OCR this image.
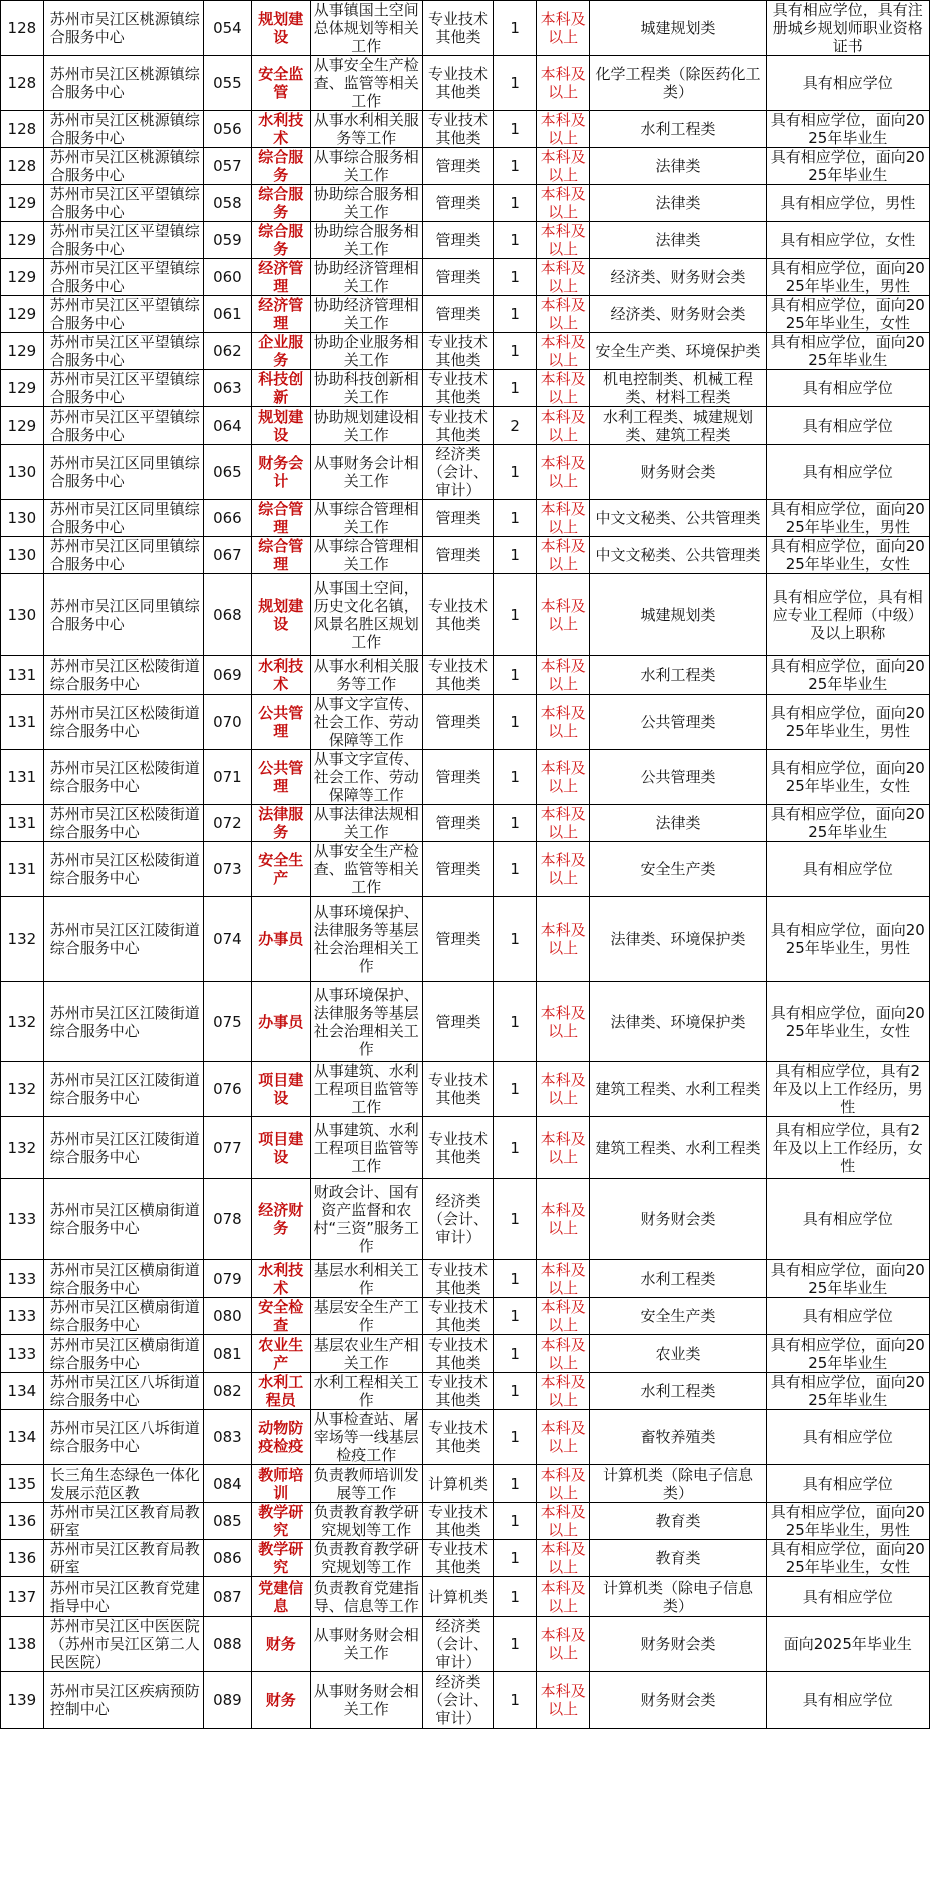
128	苏州市吴江区桃源镇综合服务中心	054	规划建设	从事镇国土空间总体规划等相关工作	专业技术其他类	1	本科及以上	城建规划类	具有相应学位，具有注册城乡规划师职业资格证书
128	苏州市吴江区桃源镇综合服务中心	055	安全监管	从事安全生产检查、监管等相关工作	专业技术其他类	1	本科及以上	化学工程类（除医药化工类）	具有相应学位
128	苏州市吴江区桃源镇综合服务中心	056	水利技术	从事水利相关服务等工作	专业技术其他类	1	本科及以上	水利工程类	具有相应学位，面向2025年毕业生
128	苏州市吴江区桃源镇综合服务中心	057	综合服务	从事综合服务相关工作	管理类	1	本科及以上	法律类	具有相应学位，面向2025年毕业生
129	苏州市吴江区平望镇综合服务中心	058	综合服务	协助综合服务相关工作	管理类	1	本科及以上	法律类	具有相应学位，男性
129	苏州市吴江区平望镇综合服务中心	059	综合服务	协助综合服务相关工作	管理类	1	本科及以上	法律类	具有相应学位，女性
129	苏州市吴江区平望镇综合服务中心	060	经济管理	协助经济管理相关工作	管理类	1	本科及以上	经济类、财务财会类	具有相应学位，面向2025年毕业生，男性
129	苏州市吴江区平望镇综合服务中心	061	经济管理	协助经济管理相关工作	管理类	1	本科及以上	经济类、财务财会类	具有相应学位，面向2025年毕业生，女性
129	苏州市吴江区平望镇综合服务中心	062	企业服务	协助企业服务相关工作	专业技术其他类	1	本科及以上	安全生产类、环境保护类	具有相应学位，面向2025年毕业生
129	苏州市吴江区平望镇综合服务中心	063	科技创新	协助科技创新相关工作	专业技术其他类	1	本科及以上	机电控制类、机械工程类、材料工程类	具有相应学位
129	苏州市吴江区平望镇综合服务中心	064	规划建设	协助规划建设相关工作	专业技术其他类	2	本科及以上	水利工程类、城建规划类、建筑工程类	具有相应学位
130	苏州市吴江区同里镇综合服务中心	065	财务会计	从事财务会计相关工作	经济类（会计、审计）	1	本科及以上	财务财会类	具有相应学位
130	苏州市吴江区同里镇综合服务中心	066	综合管理	从事综合管理相关工作	管理类	1	本科及以上	中文文秘类、公共管理类	具有相应学位，面向2025年毕业生，男性
130	苏州市吴江区同里镇综合服务中心	067	综合管理	从事综合管理相关工作	管理类	1	本科及以上	中文文秘类、公共管理类	具有相应学位，面向2025年毕业生，女性
130	苏州市吴江区同里镇综合服务中心	068	规划建设	从事国土空间，历史文化名镇，风景名胜区规划工作	专业技术其他类	1	本科及以上	城建规划类	具有相应学位，具有相应专业工程师（中级）及以上职称
131	苏州市吴江区松陵街道综合服务中心	069	水利技术	从事水利相关服务等工作	专业技术其他类	1	本科及以上	水利工程类	具有相应学位，面向2025年毕业生
131	苏州市吴江区松陵街道综合服务中心	070	公共管理	从事文字宣传、社会工作、劳动保障等工作	管理类	1	本科及以上	公共管理类	具有相应学位，面向2025年毕业生，男性
131	苏州市吴江区松陵街道综合服务中心	071	公共管理	从事文字宣传、社会工作、劳动保障等工作	管理类	1	本科及以上	公共管理类	具有相应学位，面向2025年毕业生，女性
131	苏州市吴江区松陵街道综合服务中心	072	法律服务	从事法律法规相关工作	管理类	1	本科及以上	法律类	具有相应学位，面向2025年毕业生
131	苏州市吴江区松陵街道综合服务中心	073	安全生产	从事安全生产检查、监管等相关工作	管理类	1	本科及以上	安全生产类	具有相应学位
132	苏州市吴江区江陵街道综合服务中心	074	办事员	从事环境保护、法律服务等基层社会治理相关工作	管理类	1	本科及以上	法律类、环境保护类	具有相应学位，面向2025年毕业生，男性
132	苏州市吴江区江陵街道综合服务中心	075	办事员	从事环境保护、法律服务等基层社会治理相关工作	管理类	1	本科及以上	法律类、环境保护类	具有相应学位，面向2025年毕业生，女性
132	苏州市吴江区江陵街道综合服务中心	076	项目建设	从事建筑、水利工程项目监管等工作	专业技术其他类	1	本科及以上	建筑工程类、水利工程类	具有相应学位，具有2年及以上工作经历，男性
132	苏州市吴江区江陵街道综合服务中心	077	项目建设	从事建筑、水利工程项目监管等工作	专业技术其他类	1	本科及以上	建筑工程类、水利工程类	具有相应学位，具有2年及以上工作经历，女性
133	苏州市吴江区横扇街道综合服务中心	078	经济财务	财政会计、国有资产监督和农村“三资”服务工作	经济类（会计、审计）	1	本科及以上	财务财会类	具有相应学位
133	苏州市吴江区横扇街道综合服务中心	079	水利技术	基层水利相关工作	专业技术其他类	1	本科及以上	水利工程类	具有相应学位，面向2025年毕业生
133	苏州市吴江区横扇街道综合服务中心	080	安全检查	基层安全生产工作	专业技术其他类	1	本科及以上	安全生产类	具有相应学位
133	苏州市吴江区横扇街道综合服务中心	081	农业生产	基层农业生产相关工作	专业技术其他类	1	本科及以上	农业类	具有相应学位，面向2025年毕业生
134	苏州市吴江区八坼街道综合服务中心	082	水利工程员	水利工程相关工作	专业技术其他类	1	本科及以上	水利工程类	具有相应学位，面向2025年毕业生
134	苏州市吴江区八坼街道综合服务中心	083	动物防疫检疫	从事检查站、屠宰场等一线基层检疫工作	专业技术其他类	1	本科及以上	畜牧养殖类	具有相应学位
135	长三角生态绿色一体化发展示范区教	084	教师培训	负责教师培训发展等工作	计算机类	1	本科及以上	计算机类（除电子信息类）	具有相应学位
136	苏州市吴江区教育局教研室	085	教学研究	负责教育教学研究规划等工作	专业技术其他类	1	本科及以上	教育类	具有相应学位，面向2025年毕业生，男性
136	苏州市吴江区教育局教研室	086	教学研究	负责教育教学研究规划等工作	专业技术其他类	1	本科及以上	教育类	具有相应学位，面向2025年毕业生，女性
137	苏州市吴江区教育党建指导中心	087	党建信息	负责教育党建指导、信息等工作	计算机类	1	本科及以上	计算机类（除电子信息类）	具有相应学位
138	苏州市吴江区中医医院（苏州市吴江区第二人民医院）	088	财务	从事财务财会相关工作	经济类（会计、审计）	1	本科及以上	财务财会类	面向2025年毕业生
139	苏州市吴江区疾病预防控制中心	089	财务	从事财务财会相关工作	经济类（会计、审计）	1	本科及以上	财务财会类	具有相应学位
